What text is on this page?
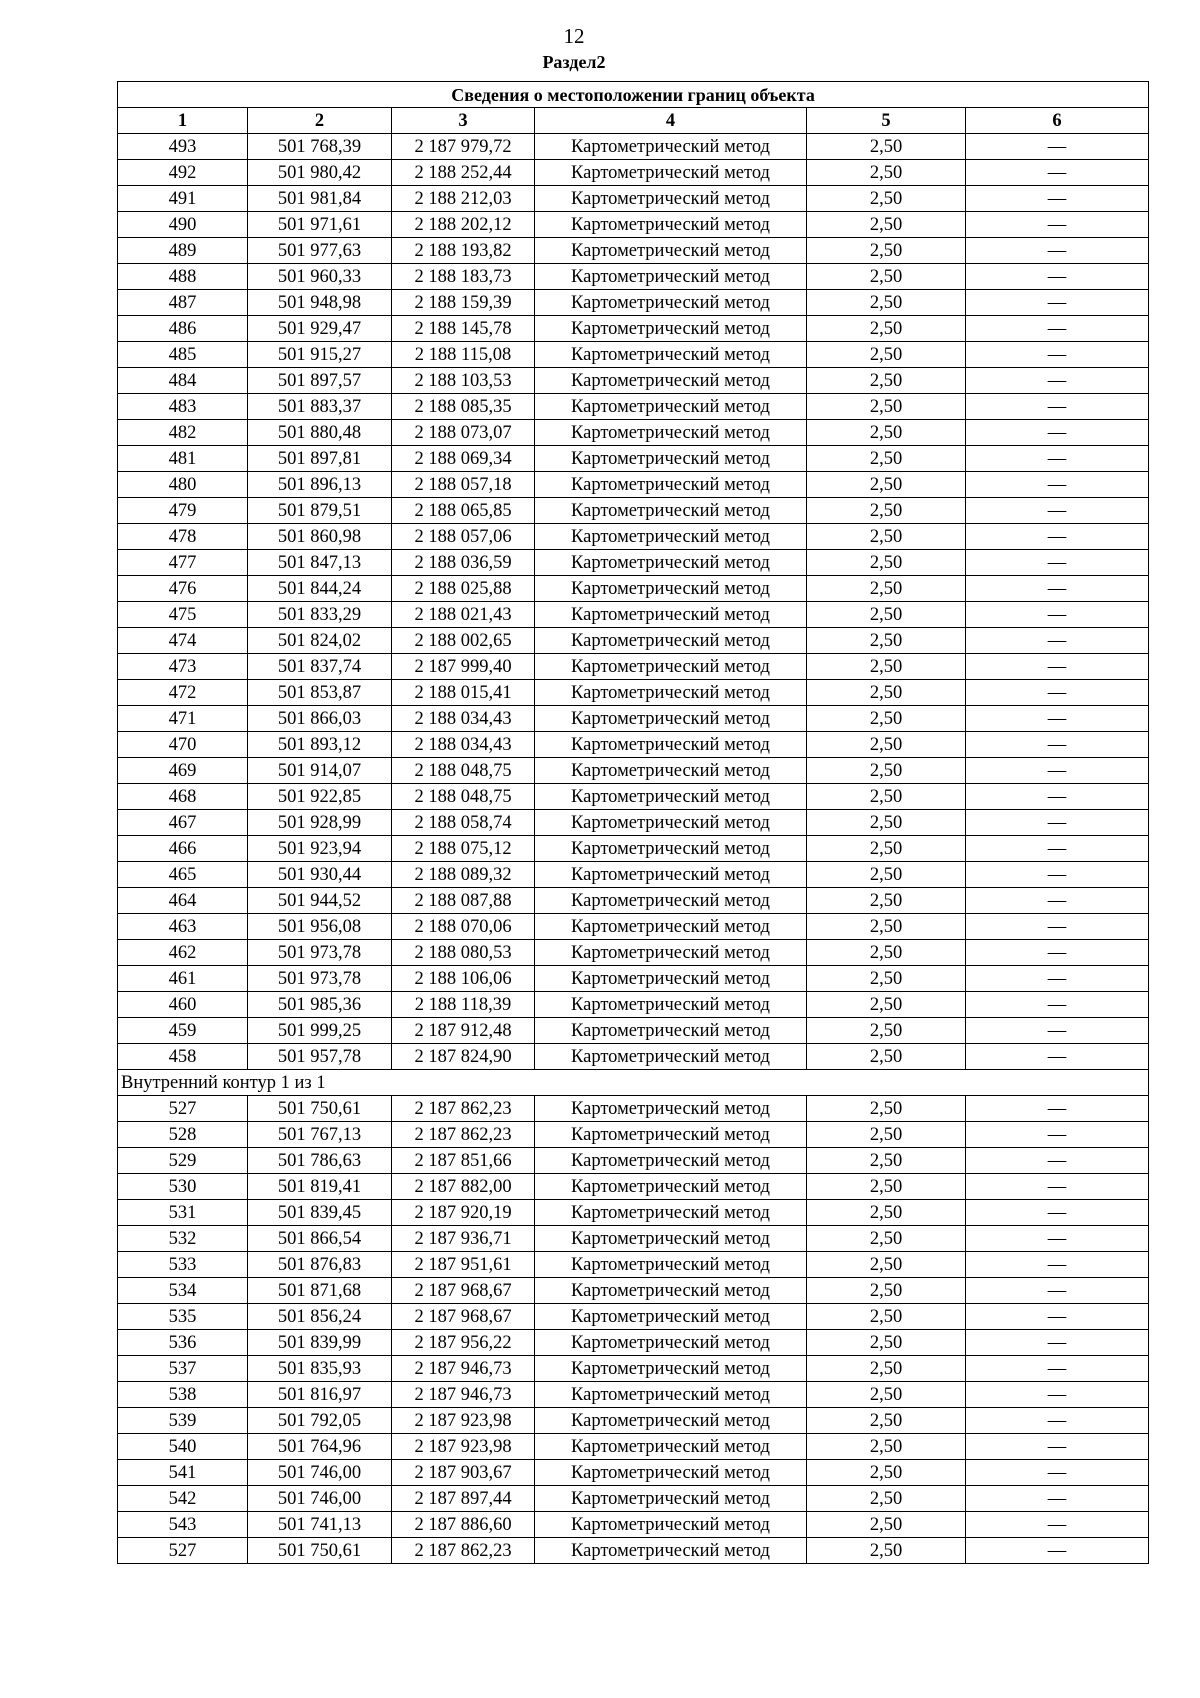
12
Раздел2
Сведения о местоположении границ объекта					
1	2	3	4	5	6
493	501 768,39	2 187 979,72	Картометрический метод	2,50	—
492	501 980,42	2 188 252,44	Картометрический метод	2,50	—
491	501 981,84	2 188 212,03	Картометрический метод	2,50	—
490	501 971,61	2 188 202,12	Картометрический метод	2,50	—
489	501 977,63	2 188 193,82	Картометрический метод	2,50	—
488	501 960,33	2 188 183,73	Картометрический метод	2,50	—
487	501 948,98	2 188 159,39	Картометрический метод	2,50	—
486	501 929,47	2 188 145,78	Картометрический метод	2,50	—
485	501 915,27	2 188 115,08	Картометрический метод	2,50	—
484	501 897,57	2 188 103,53	Картометрический метод	2,50	—
483	501 883,37	2 188 085,35	Картометрический метод	2,50	—
482	501 880,48	2 188 073,07	Картометрический метод	2,50	—
481	501 897,81	2 188 069,34	Картометрический метод	2,50	—
480	501 896,13	2 188 057,18	Картометрический метод	2,50	—
479	501 879,51	2 188 065,85	Картометрический метод	2,50	—
478	501 860,98	2 188 057,06	Картометрический метод	2,50	—
477	501 847,13	2 188 036,59	Картометрический метод	2,50	—
476	501 844,24	2 188 025,88	Картометрический метод	2,50	—
475	501 833,29	2 188 021,43	Картометрический метод	2,50	—
474	501 824,02	2 188 002,65	Картометрический метод	2,50	—
473	501 837,74	2 187 999,40	Картометрический метод	2,50	—
472	501 853,87	2 188 015,41	Картометрический метод	2,50	—
471	501 866,03	2 188 034,43	Картометрический метод	2,50	—
470	501 893,12	2 188 034,43	Картометрический метод	2,50	—
469	501 914,07	2 188 048,75	Картометрический метод	2,50	—
468	501 922,85	2 188 048,75	Картометрический метод	2,50	—
467	501 928,99	2 188 058,74	Картометрический метод	2,50	—
466	501 923,94	2 188 075,12	Картометрический метод	2,50	—
465	501 930,44	2 188 089,32	Картометрический метод	2,50	—
464	501 944,52	2 188 087,88	Картометрический метод	2,50	—
463	501 956,08	2 188 070,06	Картометрический метод	2,50	—
462	501 973,78	2 188 080,53	Картометрический метод	2,50	—
461	501 973,78	2 188 106,06	Картометрический метод	2,50	—
460	501 985,36	2 188 118,39	Картометрический метод	2,50	—
459	501 999,25	2 187 912,48	Картометрический метод	2,50	—
458	501 957,78	2 187 824,90	Картометрический метод	2,50	—
Внутренний контур 1 из 1					
527	501 750,61	2 187 862,23	Картометрический метод	2,50	—
528	501 767,13	2 187 862,23	Картометрический метод	2,50	—
529	501 786,63	2 187 851,66	Картометрический метод	2,50	—
530	501 819,41	2 187 882,00	Картометрический метод	2,50	—
531	501 839,45	2 187 920,19	Картометрический метод	2,50	—
532	501 866,54	2 187 936,71	Картометрический метод	2,50	—
533	501 876,83	2 187 951,61	Картометрический метод	2,50	—
534	501 871,68	2 187 968,67	Картометрический метод	2,50	—
535	501 856,24	2 187 968,67	Картометрический метод	2,50	—
536	501 839,99	2 187 956,22	Картометрический метод	2,50	—
537	501 835,93	2 187 946,73	Картометрический метод	2,50	—
538	501 816,97	2 187 946,73	Картометрический метод	2,50	—
539	501 792,05	2 187 923,98	Картометрический метод	2,50	—
540	501 764,96	2 187 923,98	Картометрический метод	2,50	—
541	501 746,00	2 187 903,67	Картометрический метод	2,50	—
542	501 746,00	2 187 897,44	Картометрический метод	2,50	—
543	501 741,13	2 187 886,60	Картометрический метод	2,50	—
527	501 750,61	2 187 862,23	Картометрический метод	2,50	—
